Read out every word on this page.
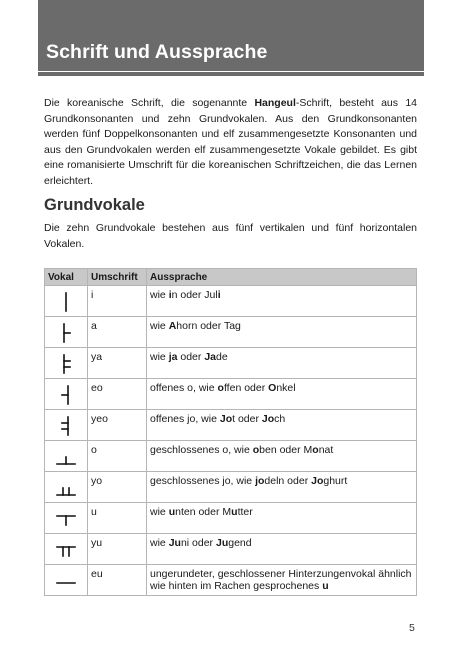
Schrift und Aussprache

Die koreanische Schrift, die sogenannte Hangeul-Schrift, besteht aus 14 Grundkonsonanten und zehn Grundvokalen. Aus den Grundkonsonanten werden fünf Doppelkonsonanten und elf zusammengesetzte Konsonanten und aus den Grundvokalen werden elf zusammengesetzte Vokale gebildet. Es gibt eine romanisierte Umschrift für die koreanischen Schriftzeichen, die das Lernen erleichtert.

Grundvokale

Die zehn Grundvokale bestehen aus fünf vertikalen und fünf horizontalen Vokalen.

Vokal	Umschrift	Aussprache

	i	wie in oder Juli

	a	wie Ahorn oder Tag

	ya	wie ja oder Jade

	eo	offenes o, wie offen oder Onkel

	yeo	offenes jo, wie Jot oder Joch

	o	geschlossenes o, wie oben oder Monat

	yo	geschlossenes jo, wie jodeln oder Joghurt

	u	wie unten oder Mutter

	yu	wie Juni oder Jugend

	eu	ungerundeter, geschlossener Hinterzungenvokal ähnlich wie hinten im Rachen gesprochenes u
5
